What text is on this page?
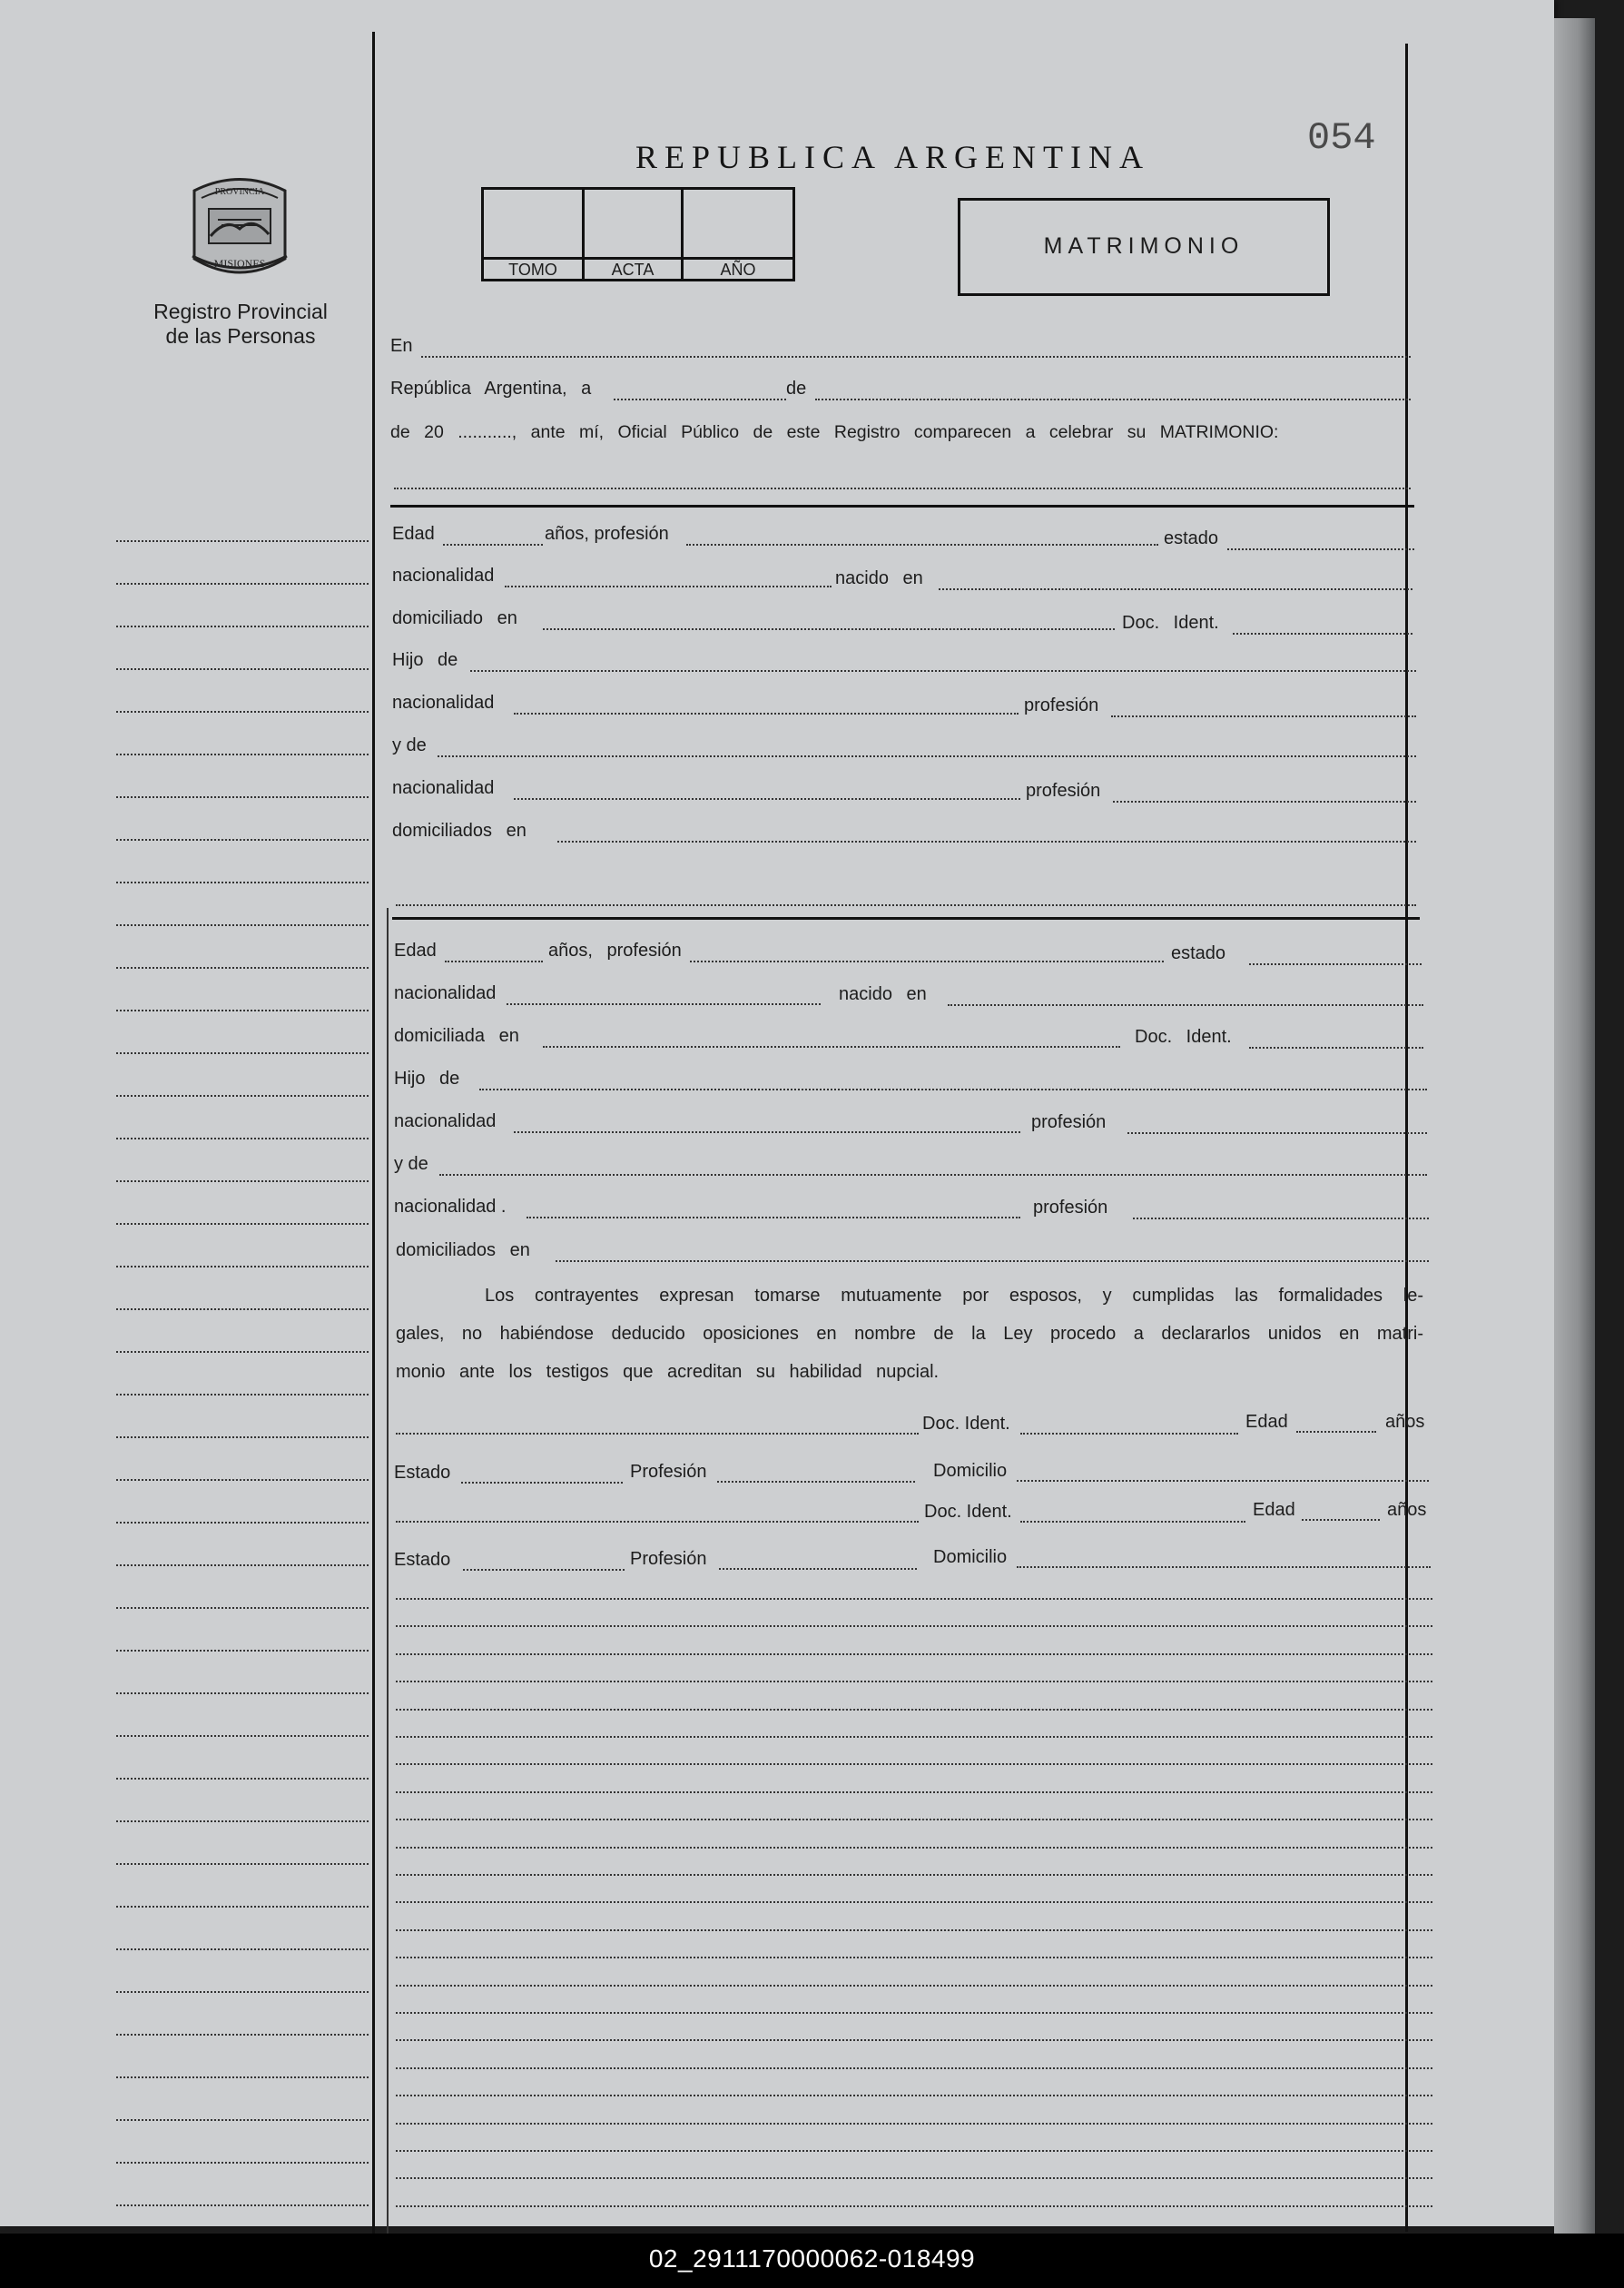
PROVINCIA
MISIONES
Registro Provincial
de las Personas
REPUBLICA ARGENTINA	054
TOMO	ACTA	AÑO
MATRIMONIO
En
República Argentina, a	de
de 20 ..........., ante mí, Oficial Público de este Registro comparecen a celebrar su MATRIMONIO:
Edad	años, profesión	estado
nacionalidad	nacido en
domiciliado en	Doc. Ident.
Hijo de
nacionalidad	profesión
y de
nacionalidad	profesión
domiciliados en
Edad	años, profesión	estado
nacionalidad	nacido en
domiciliada en	Doc. Ident.
Hijo de
nacionalidad	profesión
y de
nacionalidad .	profesión
domiciliados en
Los contrayentes expresan tomarse mutuamente por esposos, y cumplidas las formalidades le-
gales, no habiéndose deducido oposiciones en nombre de la Ley procedo a declararlos unidos en matri-
monio ante los testigos que acreditan su habilidad nupcial.
Doc. Ident.	Edad	años
Estado	Profesión	Domicilio
Doc. Ident.	Edad	años
Estado	Profesión	Domicilio
02_2911170000062-018499
